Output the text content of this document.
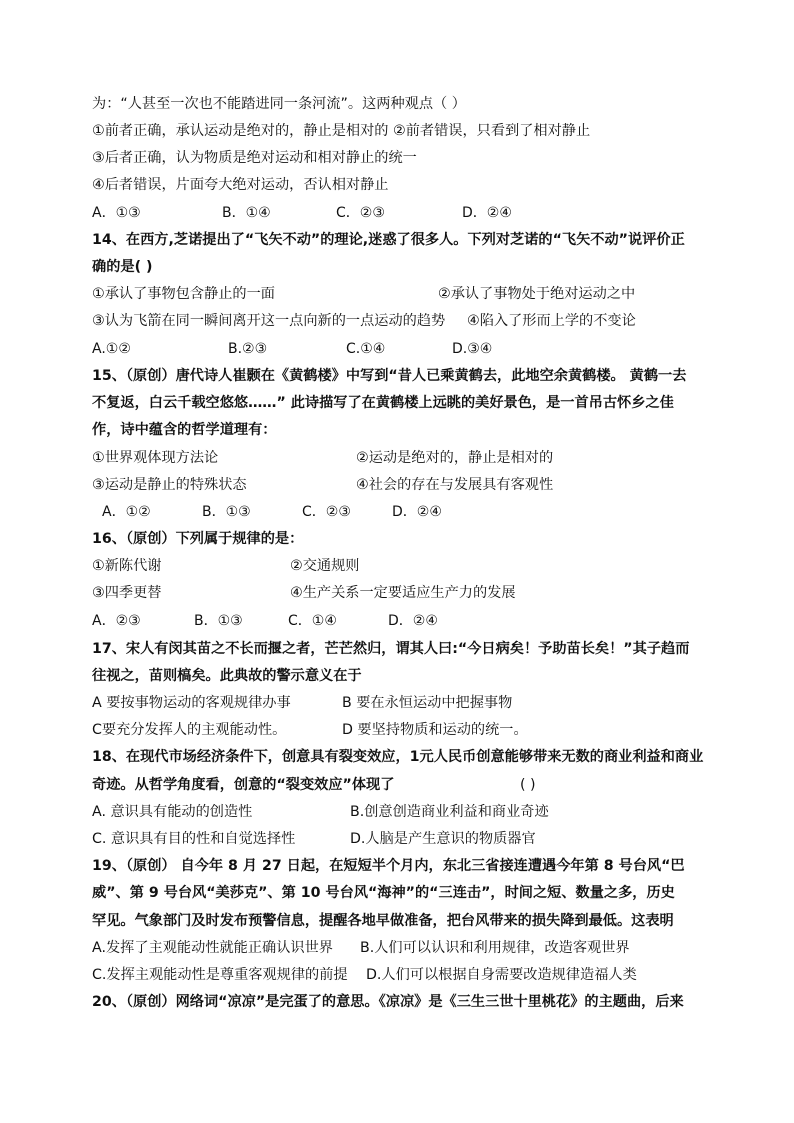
为：“人甚至一次也不能踏进同一条河流”。这两种观点（ ）
①前者正确，承认运动是绝对的，静止是相对的 ②前者错误，只看到了相对静止
③后者正确，认为物质是绝对运动和相对静止的统一
④后者错误，片面夸大绝对运动，否认相对静止
A．①③	B．①④	C．②③	D．②④
14、在西方,芝诺提出了“飞矢不动”的理论,迷惑了很多人。下列对芝诺的“飞矢不动”说评价正
确的是( )
①承认了事物包含静止的一面	②承认了事物处于绝对运动之中
③认为飞箭在同一瞬间离开这一点向新的一点运动的趋势 ④陷入了形而上学的不变论
A.①②	B.②③	C.①④	D.③④
15、（原创）唐代诗人崔颢在《黄鹤楼》中写到“昔人已乘黄鹤去，此地空余黄鹤楼。 黄鹤一去
不复返，白云千载空悠悠……” 此诗描写了在黄鹤楼上远眺的美好景色，是一首吊古怀乡之佳
作，诗中蕴含的哲学道理有：
①世界观体现方法论	②运动是绝对的，静止是相对的
③运动是静止的特殊状态	④社会的存在与发展具有客观性
A．①②	B．①③	C．②③	D．②④
16、（原创）下列属于规律的是：
①新陈代谢	②交通规则
③四季更替	④生产关系一定要适应生产力的发展
A．②③	B．①③	C．①④	D．②④
17、宋人有闵其苗之不长而揠之者，芒芒然归，谓其人曰:“今日病矣！予助苗长矣！”其子趋而
往视之，苗则槁矣。此典故的警示意义在于
A 要按事物运动的客观规律办事	B 要在永恒运动中把握事物
C要充分发挥人的主观能动性。	D 要坚持物质和运动的统一。
18、在现代市场经济条件下，创意具有裂变效应，1元人民币创意能够带来无数的商业利益和商业
奇迹。从哲学角度看，创意的“裂变效应”体现了	( )
A. 意识具有能动的创造性	B.创意创造商业利益和商业奇迹
C. 意识具有目的性和自觉选择性	D.人脑是产生意识的物质器官
19、（原创） 自今年 8 月 27 日起，在短短半个月内，东北三省接连遭遇今年第 8 号台风“巴
威”、第 9 号台风“美莎克”、第 10 号台风“海神”的“三连击”，时间之短、数量之多，历史
罕见。气象部门及时发布预警信息，提醒各地早做准备，把台风带来的损失降到最低。这表明
A.发挥了主观能动性就能正确认识世界 B.人们可以认识和利用规律，改造客观世界
C.发挥主观能动性是尊重客观规律的前提 D.人们可以根据自身需要改造规律造福人类
20、（原创）网络词“凉凉”是完蛋了的意思。《凉凉》是《三生三世十里桃花》的主题曲，后来
